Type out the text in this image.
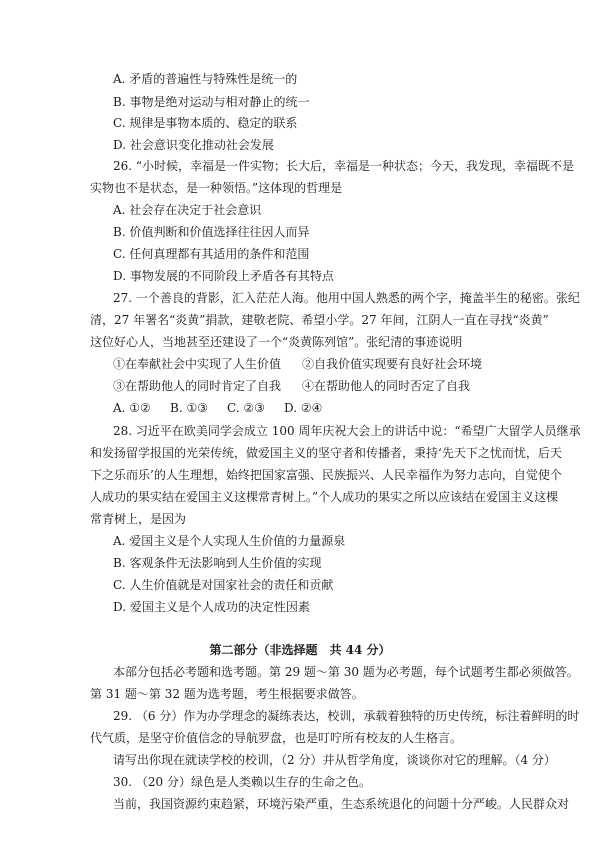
A. 矛盾的普遍性与特殊性是统一的
B. 事物是绝对运动与相对静止的统一
C. 规律是事物本质的、稳定的联系
D. 社会意识变化推动社会发展
26. “小时候，幸福是一件实物；长大后，幸福是一种状态；今天，我发现，幸福既不是
实物也不是状态，是一种领悟。”这体现的哲理是
A. 社会存在决定于社会意识
B. 价值判断和价值选择往往因人而异
C. 任何真理都有其适用的条件和范围
D. 事物发展的不同阶段上矛盾各有其特点
27. 一个善良的背影，汇入茫茫人海。他用中国人熟悉的两个字，掩盖半生的秘密。张纪
清，27 年署名“炎黄”捐款，建敬老院、希望小学。27 年间，江阴人一直在寻找“炎黄”
这位好心人，当地甚至还建设了一个“炎黄陈列馆”。张纪清的事迹说明
①在奉献社会中实现了人生价值 ②自我价值实现要有良好社会环境
③在帮助他人的同时肯定了自我 ④在帮助他人的同时否定了自我
A. ①② B. ①③ C. ②③ D. ②④
28. 习近平在欧美同学会成立 100 周年庆祝大会上的讲话中说：“希望广大留学人员继承
和发扬留学报国的光荣传统，做爱国主义的坚守者和传播者，秉持‘先天下之忧而忧，后天
下之乐而乐’的人生理想，始终把国家富强、民族振兴、人民幸福作为努力志向，自觉使个
人成功的果实结在爱国主义这棵常青树上。”个人成功的果实之所以应该结在爱国主义这棵
常青树上，是因为
A. 爱国主义是个人实现人生价值的力量源泉
B. 客观条件无法影响到人生价值的实现
C. 人生价值就是对国家社会的责任和贡献
D. 爱国主义是个人成功的决定性因素
第二部分（非选择题　共 44 分）
本部分包括必考题和选考题。第 29 题～第 30 题为必考题，每个试题考生都必须做答。
第 31 题～第 32 题为选考题，考生根据要求做答。
29. （6 分）作为办学理念的凝练表达，校训，承载着独特的历史传统，标注着鲜明的时
代气质，是坚守价值信念的导航罗盘，也是叮咛所有校友的人生格言。
请写出你现在就读学校的校训，（2 分）并从哲学角度，谈谈你对它的理解。（4 分）
30. （20 分）绿色是人类赖以生存的生命之色。
当前，我国资源约束趋紧，环境污染严重，生态系统退化的问题十分严峻。人民群众对
